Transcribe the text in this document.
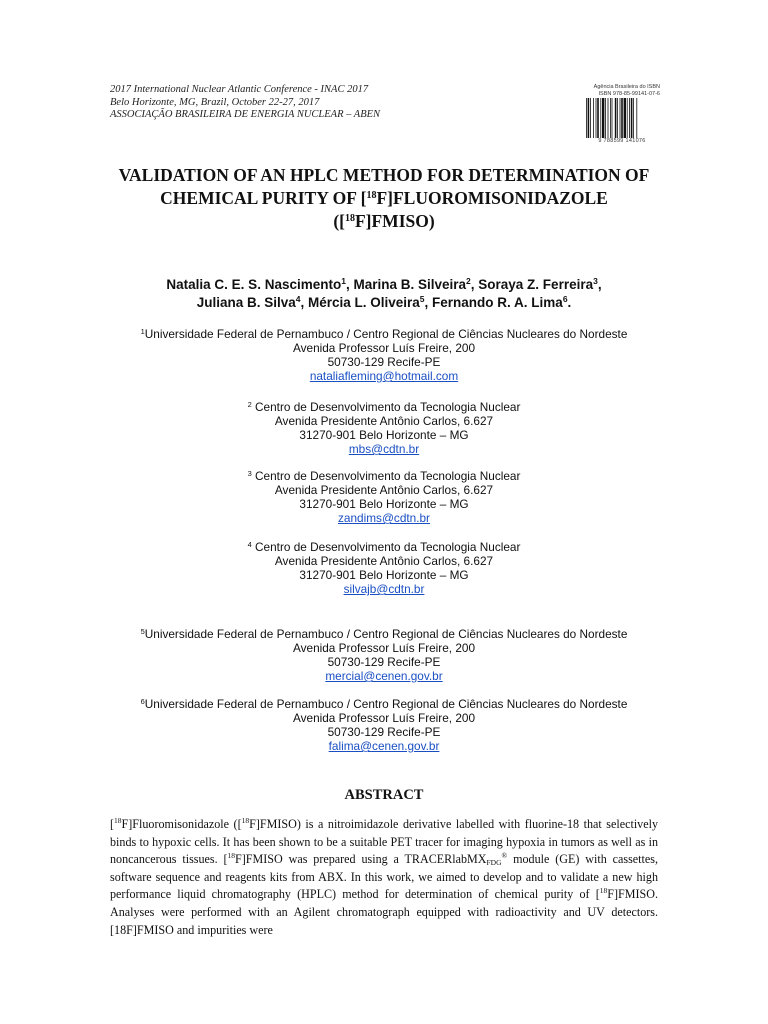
2017 International Nuclear Atlantic Conference - INAC 2017
Belo Horizonte, MG, Brazil, October 22-27, 2017
ASSOCIAÇÃO BRASILEIRA DE ENERGIA NUCLEAR – ABEN
Agência Brasileira do ISBN
ISBN 978-85-99141-07-6
9 788599 141076
VALIDATION OF AN HPLC METHOD FOR DETERMINATION OF
CHEMICAL PURITY OF [$^{18}$F]FLUOROMISONIDAZOLE
([$^{18}$F]FMISO)
Natalia C. E. S. Nascimento$^1$, Marina B. Silveira$^2$, Soraya Z. Ferreira$^3$,
Juliana B. Silva$^4$, Mércia L. Oliveira$^5$, Fernando R. A. Lima$^6$.
$^1$Universidade Federal de Pernambuco / Centro Regional de Ciências Nucleares do Nordeste
Avenida Professor Luís Freire, 200
50730-129 Recife-PE
nataliafleming@hotmail.com
$^2$ Centro de Desenvolvimento da Tecnologia Nuclear
Avenida Presidente Antônio Carlos, 6.627
31270-901 Belo Horizonte – MG
mbs@cdtn.br
$^3$ Centro de Desenvolvimento da Tecnologia Nuclear
Avenida Presidente Antônio Carlos, 6.627
31270-901 Belo Horizonte – MG
zandims@cdtn.br
$^4$ Centro de Desenvolvimento da Tecnologia Nuclear
Avenida Presidente Antônio Carlos, 6.627
31270-901 Belo Horizonte – MG
silvajb@cdtn.br
$^5$Universidade Federal de Pernambuco / Centro Regional de Ciências Nucleares do Nordeste
Avenida Professor Luís Freire, 200
50730-129 Recife-PE
mercial@cenen.gov.br
$^6$Universidade Federal de Pernambuco / Centro Regional de Ciências Nucleares do Nordeste
Avenida Professor Luís Freire, 200
50730-129 Recife-PE
falima@cenen.gov.br
ABSTRACT
[$^{18}$F]Fluoromisonidazole ([$^{18}$F]FMISO) is a nitroimidazole derivative labelled with fluorine-18 that selectively binds to hypoxic cells. It has been shown to be a suitable PET tracer for imaging hypoxia in tumors as well as in noncancerous tissues. [$^{18}$F]FMISO was prepared using a TRACERlabMX$_{FDG}$® module (GE) with cassettes, software sequence and reagents kits from ABX. In this work, we aimed to develop and to validate a new high performance liquid chromatography (HPLC) method for determination of chemical purity of [$^{18}$F]FMISO. Analyses were performed with an Agilent chromatograph equipped with radioactivity and UV detectors. [18F]FMISO and impurities were
